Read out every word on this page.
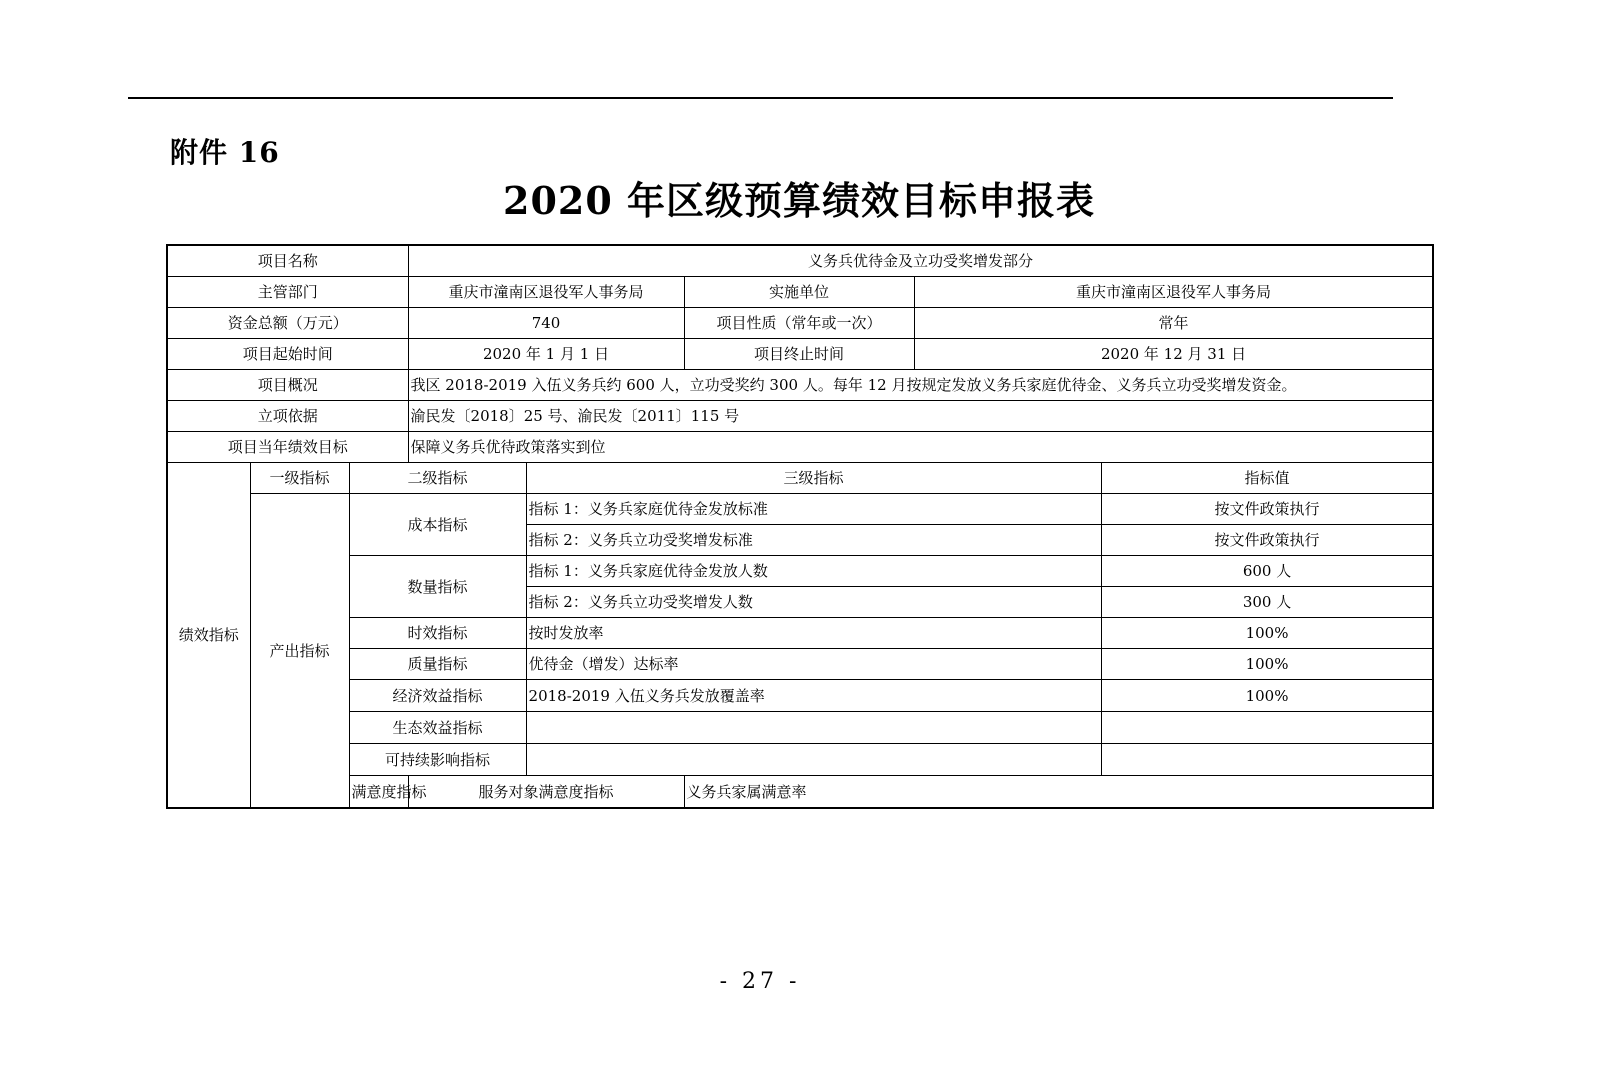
附件 16
2020 年区级预算绩效目标申报表
项目名称			义务兵优待金及立功受奖增发部分					
主管部门			重庆市潼南区退役军人事务局		实施单位	重庆市潼南区退役军人事务局		
资金总额（万元）			740		项目性质（常年或一次）	常年		
项目起始时间			2020 年 1 月 1 日		项目终止时间	2020 年 12 月 31 日		
项目概况			我区 2018-2019 入伍义务兵约 600 人，立功受奖约 300 人。每年 12 月按规定发放义务兵家庭优待金、义务兵立功受奖增发资金。					
立项依据			渝民发〔2018〕25 号、渝民发〔2011〕115 号					
项目当年绩效目标			保障义务兵优待政策落实到位					
绩效指标	一级指标	二级指标		三级指标			指标值	
	产出指标	成本指标		指标 1：义务兵家庭优待金发放标准			按文件政策执行	
				指标 2：义务兵立功受奖增发标准			按文件政策执行	
		数量指标		指标 1：义务兵家庭优待金发放人数			600 人	
				指标 2：义务兵立功受奖增发人数			300 人	
		时效指标		按时发放率			100%	
		质量指标		优待金（增发）达标率			100%	
		经济效益指标		2018-2019 入伍义务兵发放覆盖率			100%	
		生态效益指标						
		可持续影响指标						
		满意度指标	服务对象满意度指标		义务兵家属满意率	
- 27 -
